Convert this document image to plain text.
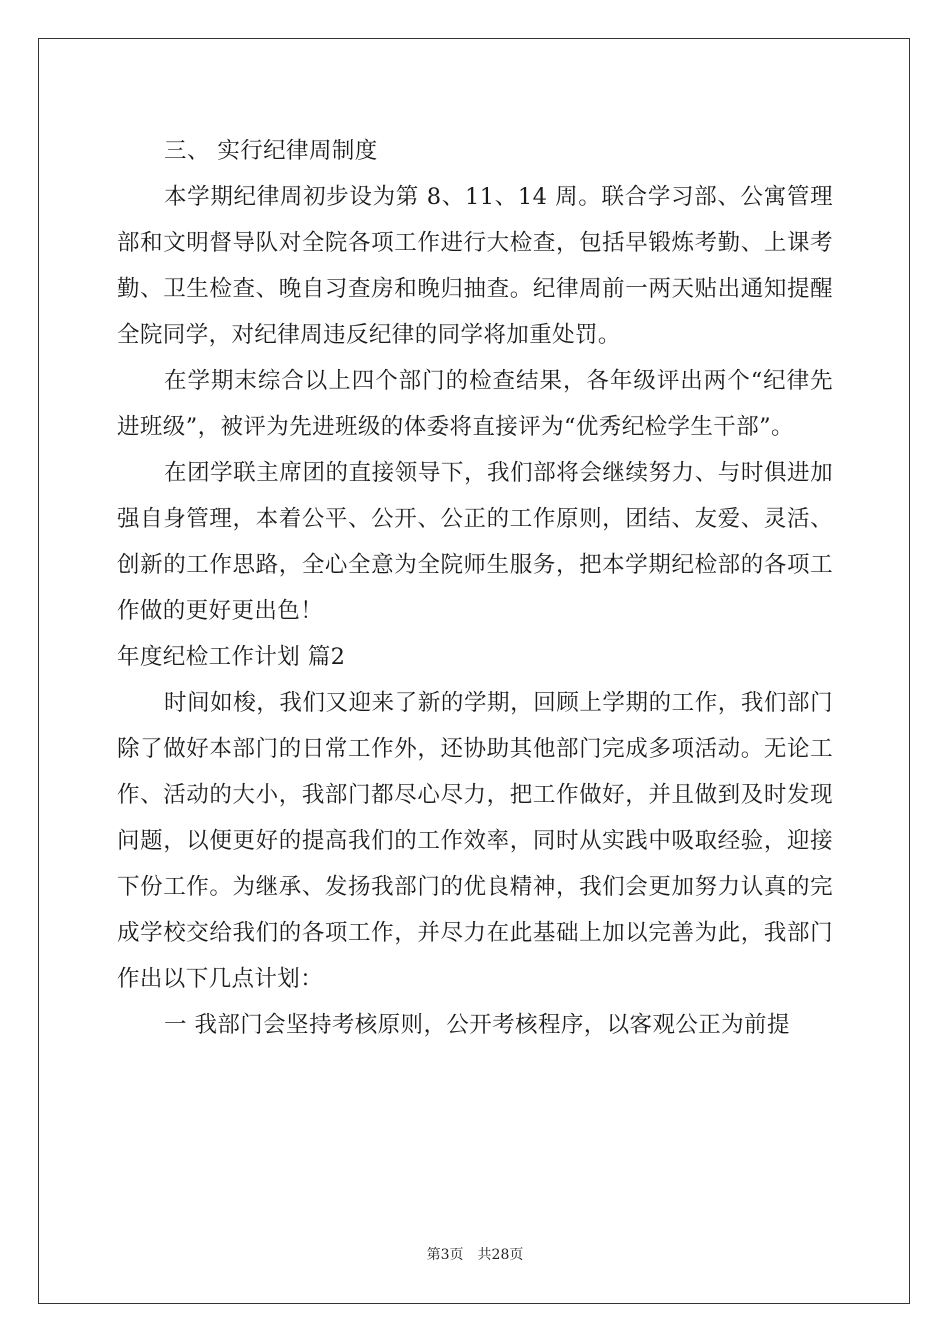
三、 实行纪律周制度

本学期纪律周初步设为第 8、11、14 周。联合学习部、公寓管理部和文明督导队对全院各项工作进行大检查，包括早锻炼考勤、上课考勤、卫生检查、晚自习查房和晚归抽查。纪律周前一两天贴出通知提醒全院同学，对纪律周违反纪律的同学将加重处罚。

在学期末综合以上四个部门的检查结果，各年级评出两个“纪律先进班级”，被评为先进班级的体委将直接评为“优秀纪检学生干部”。

在团学联主席团的直接领导下，我们部将会继续努力、与时俱进加强自身管理，本着公平、公开、公正的工作原则，团结、友爱、灵活、创新的工作思路，全心全意为全院师生服务，把本学期纪检部的各项工作做的更好更出色！

年度纪检工作计划 篇2

时间如梭，我们又迎来了新的学期，回顾上学期的工作，我们部门除了做好本部门的日常工作外，还协助其他部门完成多项活动。无论工作、活动的大小，我部门都尽心尽力，把工作做好，并且做到及时发现问题，以便更好的提高我们的工作效率，同时从实践中吸取经验，迎接下份工作。为继承、发扬我部门的优良精神，我们会更加努力认真的完成学校交给我们的各项工作，并尽力在此基础上加以完善为此，我部门作出以下几点计划：

一 我部门会坚持考核原则，公开考核程序，以客观公正为前提

第3页 共28页
